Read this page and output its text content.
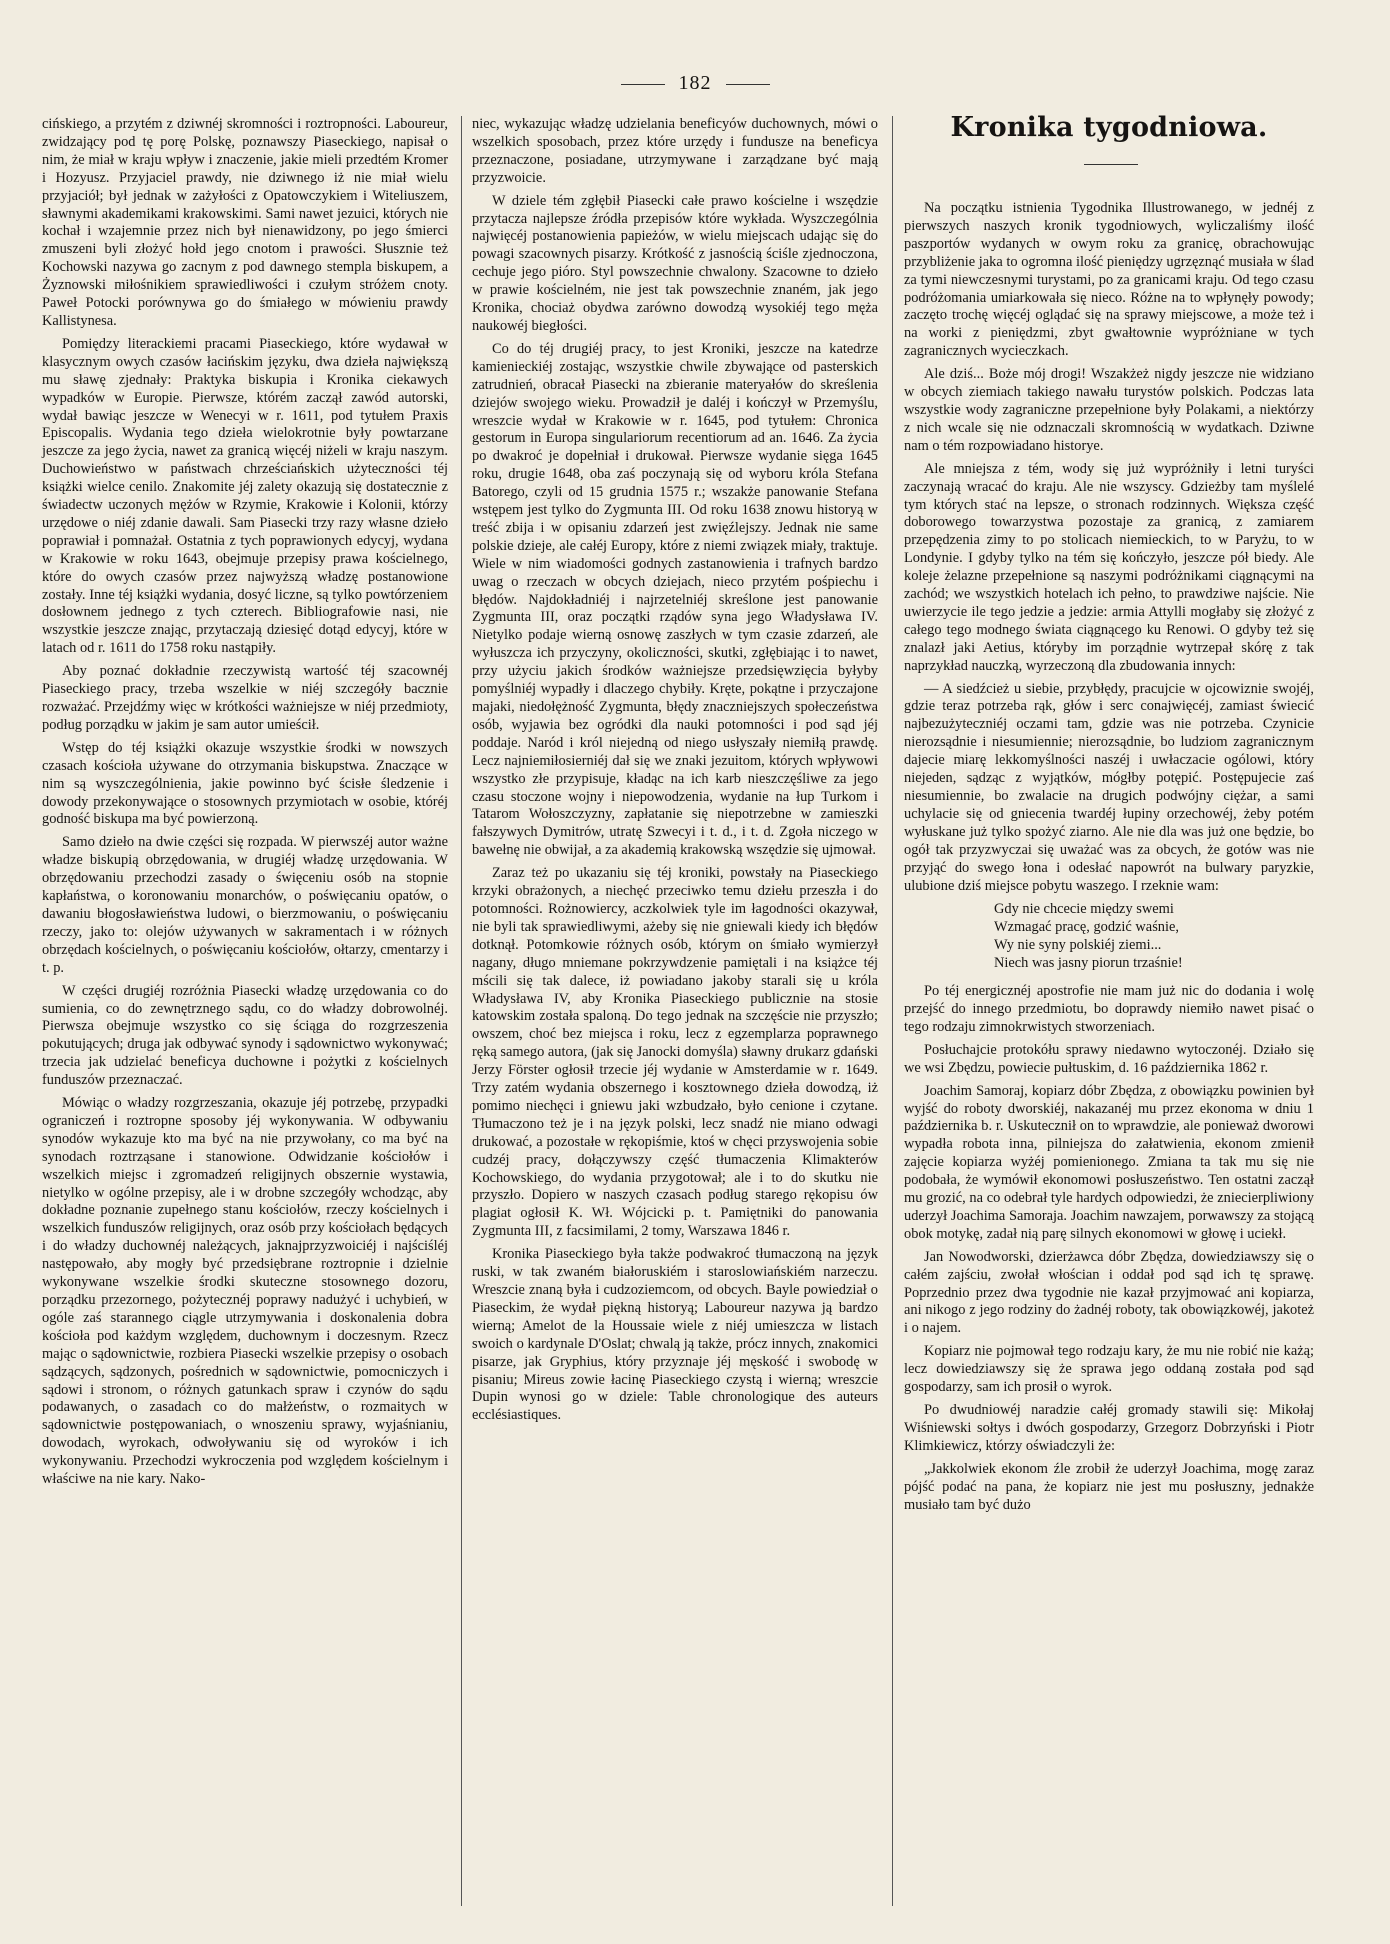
182

cińskiego, a przytém z dziwnéj skromności i roztropności. Laboureur, zwidzający pod tę porę Polskę, poznawszy Piaseckiego, napisał o nim, że miał w kraju wpływ i znaczenie, jakie mieli przedtém Kromer i Hozyusz. Przyjaciel prawdy, nie dziwnego iż nie miał wielu przyjaciół; był jednak w zażyłości z Opatowczykiem i Witeliuszem, sławnymi akademikami krakowskimi. Sami nawet jezuici, których nie kochał i wzajemnie przez nich był nienawidzony, po jego śmierci zmuszeni byli złożyć hołd jego cnotom i prawości. Słusznie też Kochowski nazywa go zacnym z pod dawnego stempla biskupem, a Żyznowski miłośnikiem sprawiedliwości i czułym stróżem cnoty. Paweł Potocki porównywa go do śmiałego w mówieniu prawdy Kallistynesa.

Pomiędzy literackiemi pracami Piaseckiego, które wydawał w klasycznym owych czasów łacińskim języku, dwa dzieła największą mu sławę zjednały: Praktyka biskupia i Kronika ciekawych wypadków w Europie. Pierwsze, którém zaczął zawód autorski, wydał bawiąc jeszcze w Wenecyi w r. 1611, pod tytułem Praxis Episcopalis. Wydania tego dzieła wielokrotnie były powtarzane jeszcze za jego życia, nawet za granicą więcéj niżeli w kraju naszym. Duchowieństwo w państwach chrześciańskich użyteczności téj książki wielce cenilo. Znakomite jéj zalety okazują się dostatecznie z świadectw uczonych mężów w Rzymie, Krakowie i Kolonii, którzy urzędowe o niéj zdanie dawali. Sam Piasecki trzy razy własne dzieło poprawiał i pomnażał. Ostatnia z tych poprawionych edycyj, wydana w Krakowie w roku 1643, obejmuje przepisy prawa kościelnego, które do owych czasów przez najwyższą władzę postanowione zostały. Inne téj książki wydania, dosyć liczne, są tylko powtórzeniem dosłownem jednego z tych czterech. Bibliografowie nasi, nie wszystkie jeszcze znając, przytaczają dziesięć dotąd edycyj, które w latach od r. 1611 do 1758 roku nastąpiły.

Aby poznać dokładnie rzeczywistą wartość téj szacownéj Piaseckiego pracy, trzeba wszelkie w niéj szczegóły bacznie rozważać. Przejdźmy więc w krótkości ważniejsze w niéj przedmioty, podług porządku w jakim je sam autor umieścił.

Wstęp do téj książki okazuje wszystkie środki w nowszych czasach kościoła używane do otrzymania biskupstwa. Znaczące w nim są wyszczególnienia, jakie powinno być ścisłe śledzenie i dowody przekonywające o stosownych przymiotach w osobie, któréj godność biskupa ma być powierzoną.

Samo dzieło na dwie części się rozpada. W pierwszéj autor ważne władze biskupią obrzędowania, w drugiéj władzę urzędowania. W obrzędowaniu przechodzi zasady o święceniu osób na stopnie kapłaństwa, o koronowaniu monarchów, o poświęcaniu opatów, o dawaniu błogosławieństwa ludowi, o bierzmowaniu, o poświęcaniu rzeczy, jako to: olejów używanych w sakramentach i w różnych obrzędach kościelnych, o poświęcaniu kościołów, ołtarzy, cmentarzy i t. p.

W części drugiéj rozróżnia Piasecki władzę urzędowania co do sumienia, co do zewnętrznego sądu, co do władzy dobrowolnéj. Pierwsza obejmuje wszystko co się ściąga do rozgrzeszenia pokutujących; druga jak odbywać synody i sądownictwo wykonywać; trzecia jak udzielać beneficya duchowne i pożytki z kościelnych funduszów przeznaczać.

Mówiąc o władzy rozgrzeszania, okazuje jéj potrzebę, przypadki ograniczeń i roztropne sposoby jéj wykonywania. W odbywaniu synodów wykazuje kto ma być na nie przywołany, co ma być na synodach roztrząsane i stanowione. Odwidzanie kościołów i wszelkich miejsc i zgromadzeń religijnych obszernie wystawia, nietylko w ogólne przepisy, ale i w drobne szczegóły wchodząc, aby dokładne poznanie zupełnego stanu kościołów, rzeczy kościelnych i wszelkich funduszów religijnych, oraz osób przy kościołach będących i do władzy duchownéj należących, jaknajprzyzwoiciéj i najściśléj następowało, aby mogły być przedsiębrane roztropnie i dzielnie wykonywane wszelkie środki skuteczne stosownego dozoru, porządku przezornego, pożytecznéj poprawy nadużyć i uchybień, w ogóle zaś starannego ciągle utrzymywania i doskonalenia dobra kościoła pod każdym względem, duchownym i doczesnym. Rzecz mając o sądownictwie, rozbiera Piasecki wszelkie przepisy o osobach sądzących, sądzonych, pośrednich w sądownictwie, pomocniczych i sądowi i stronom, o różnych gatunkach spraw i czynów do sądu podawanych, o zasadach co do małżeństw, o rozmaitych w sądownictwie postępowaniach, o wnoszeniu sprawy, wyjaśnianiu, dowodach, wyrokach, odwoływaniu się od wyroków i ich wykonywaniu. Przechodzi wykroczenia pod względem kościelnym i właściwe na nie kary. Nako-

niec, wykazując władzę udzielania beneficyów duchownych, mówi o wszelkich sposobach, przez które urzędy i fundusze na beneficya przeznaczone, posiadane, utrzymywane i zarządzane być mają przyzwoicie.

W dziele tém zgłębił Piasecki całe prawo kościelne i wszędzie przytacza najlepsze źródła przepisów które wykłada. Wyszczególnia najwięcéj postanowienia papieżów, w wielu miejscach udając się do powagi szacownych pisarzy. Krótkość z jasnością ściśle zjednoczona, cechuje jego pióro. Styl powszechnie chwalony. Szacowne to dzieło w prawie kościelném, nie jest tak powszechnie znaném, jak jego Kronika, chociaż obydwa zarówno dowodzą wysokiéj tego męża naukowéj biegłości.

Co do téj drugiéj pracy, to jest Kroniki, jeszcze na katedrze kamienieckiéj zostając, wszystkie chwile zbywające od pasterskich zatrudnień, obracał Piasecki na zbieranie materyałów do skreślenia dziejów swojego wieku. Prowadził je daléj i kończył w Przemyślu, wreszcie wydał w Krakowie w r. 1645, pod tytułem: Chronica gestorum in Europa singulariorum recentiorum ad an. 1646. Za życia po dwakroć je dopełniał i drukował. Pierwsze wydanie sięga 1645 roku, drugie 1648, oba zaś poczynają się od wyboru króla Stefana Batorego, czyli od 15 grudnia 1575 r.; wszakże panowanie Stefana wstępem jest tylko do Zygmunta III. Od roku 1638 znowu historyą w treść zbija i w opisaniu zdarzeń jest zwięźlejszy. Jednak nie same polskie dzieje, ale całéj Europy, które z niemi związek miały, traktuje. Wiele w nim wiadomości godnych zastanowienia i trafnych bardzo uwag o rzeczach w obcych dziejach, nieco przytém pośpiechu i błędów. Najdokładniéj i najrzetelniéj skreślone jest panowanie Zygmunta III, oraz początki rządów syna jego Władysława IV. Nietylko podaje wierną osnowę zaszłych w tym czasie zdarzeń, ale wyłuszcza ich przyczyny, okoliczności, skutki, zgłębiając i to nawet, przy użyciu jakich środków ważniejsze przedsięwzięcia byłyby pomyślniéj wypadły i dlaczego chybiły. Kręte, pokątne i przyczajone majaki, niedołężność Zygmunta, błędy znaczniejszych społeczeństwa osób, wyjawia bez ogródki dla nauki potomności i pod sąd jéj poddaje. Naród i król niejedną od niego usłyszały niemiłą prawdę. Lecz najniemiłosierniéj dał się we znaki jezuitom, których wpływowi wszystko złe przypisuje, kładąc na ich karb nieszczęśliwe za jego czasu stoczone wojny i niepowodzenia, wydanie na łup Turkom i Tatarom Wołoszczyzny, zapłatanie się niepotrzebne w zamieszki fałszywych Dymitrów, utratę Szwecyi i t. d., i t. d. Zgoła niczego w bawełnę nie obwijał, a za akademią krakowską wszędzie się ujmował.

Zaraz też po ukazaniu się téj kroniki, powstały na Piaseckiego krzyki obrażonych, a niechęć przeciwko temu dziełu przeszła i do potomności. Rożnowiercy, aczkolwiek tyle im łagodności okazywał, nie byli tak sprawiedliwymi, ażeby się nie gniewali kiedy ich błędów dotknął. Potomkowie różnych osób, którym on śmiało wymierzył nagany, długo mniemane pokrzywdzenie pamiętali i na książce téj mścili się tak dalece, iż powiadano jakoby starali się u króla Władysława IV, aby Kronika Piaseckiego publicznie na stosie katowskim została spaloną. Do tego jednak na szczęście nie przyszło; owszem, choć bez miejsca i roku, lecz z egzemplarza poprawnego ręką samego autora, (jak się Janocki domyśla) sławny drukarz gdański Jerzy Förster ogłosił trzecie jéj wydanie w Amsterdamie w r. 1649. Trzy zatém wydania obszernego i kosztownego dzieła dowodzą, iż pomimo niechęci i gniewu jaki wzbudzało, było cenione i czytane. Tłumaczono też je i na język polski, lecz snadź nie miano odwagi drukować, a pozostałe w rękopiśmie, ktoś w chęci przyswojenia sobie cudzéj pracy, dołączywszy część tłumaczenia Klimakterów Kochowskiego, do wydania przygotował; ale i to do skutku nie przyszło. Dopiero w naszych czasach podług starego rękopisu ów plagiat ogłosił K. Wł. Wójcicki p. t. Pamiętniki do panowania Zygmunta III, z facsimilami, 2 tomy, Warszawa 1846 r.

Kronika Piaseckiego była także podwakroć tłumaczoną na język ruski, w tak zwaném białoruskiém i staroslowiańskiém narzeczu. Wreszcie znaną była i cudzoziemcom, od obcych. Bayle powiedział o Piaseckim, że wydał piękną historyą; Laboureur nazywa ją bardzo wierną; Amelot de la Houssaie wiele z niéj umieszcza w listach swoich o kardynale D'Oslat; chwalą ją także, prócz innych, znakomici pisarze, jak Gryphius, który przyznaje jéj męskość i swobodę w pisaniu; Mireus zowie łacinę Piaseckiego czystą i wierną; wreszcie Dupin wynosi go w dziele: Table chronologique des auteurs ecclésiastiques.

Kronika tygodniowa.

Na początku istnienia Tygodnika Illustrowanego, w jednéj z pierwszych naszych kronik tygodniowych, wyliczaliśmy ilość paszportów wydanych w owym roku za granicę, obrachowując przybliżenie jaka to ogromna ilość pieniędzy ugrzęznąć musiała w ślad za tymi niewczesnymi turystami, po za granicami kraju. Od tego czasu podróżomania umiarkowała się nieco. Różne na to wpłynęły powody; zaczęto trochę więcéj oglądać się na sprawy miejscowe, a może też i na worki z pieniędzmi, zbyt gwałtownie wypróżniane w tych zagranicznych wycieczkach.

Ale dziś... Boże mój drogi! Wszakżeż nigdy jeszcze nie widziano w obcych ziemiach takiego nawału turystów polskich. Podczas lata wszystkie wody zagraniczne przepełnione były Polakami, a niektórzy z nich wcale się nie odznaczali skromnością w wydatkach. Dziwne nam o tém rozpowiadano historye.

Ale mniejsza z tém, wody się już wypróżniły i letni turyści zaczynają wracać do kraju. Ale nie wszyscy. Gdzieżby tam myślelé tym których stać na lepsze, o stronach rodzinnych. Większa część doborowego towarzystwa pozostaje za granicą, z zamiarem przepędzenia zimy to po stolicach niemieckich, to w Paryżu, to w Londynie. I gdyby tylko na tém się kończyło, jeszcze pół biedy. Ale koleje żelazne przepełnione są naszymi podróżnikami ciągnącymi na zachód; we wszystkich hotelach ich pełno, to prawdziwe najście. Nie uwierzycie ile tego jedzie a jedzie: armia Attylli mogłaby się złożyć z całego tego modnego świata ciągnącego ku Renowi. O gdyby też się znalazł jaki Aetius, któryby im porządnie wytrzepał skórę z tak naprzykład nauczką, wyrzeczoną dla zbudowania innych:

— A siedźcież u siebie, przybłędy, pracujcie w ojcowiznie swojéj, gdzie teraz potrzeba rąk, głów i serc conajwięcéj, zamiast świecić najbezużyteczniéj oczami tam, gdzie was nie potrzeba. Czynicie nierozsądnie i niesumiennie; nierozsądnie, bo ludziom zagranicznym dajecie miarę lekkomyślności naszéj i uwłaczacie ogólowi, który niejeden, sądząc z wyjątków, mógłby potępić. Postępujecie zaś niesumiennie, bo zwalacie na drugich podwójny ciężar, a sami uchylacie się od gniecenia twardéj łupiny orzechowéj, żeby potém wyłuskane już tylko spożyć ziarno. Ale nie dla was już one będzie, bo ogół tak przyzwyczai się uważać was za obcych, że gotów was nie przyjąć do swego łona i odesłać napowrót na bulwary paryzkie, ulubione dziś miejsce pobytu waszego. I rzeknie wam:

Gdy nie chcecie między swemi
Wzmagać pracę, godzić waśnie,
Wy nie syny polskiéj ziemi...
Niech was jasny piorun trzaśnie!

Po téj energicznéj apostrofie nie mam już nic do dodania i wolę przejść do innego przedmiotu, bo doprawdy niemiło nawet pisać o tego rodzaju zimnokrwistych stworzeniach.

Posłuchajcie protokółu sprawy niedawno wytoczonéj. Działo się we wsi Zbędzu, powiecie pułtuskim, d. 16 października 1862 r.

Joachim Samoraj, kopiarz dóbr Zbędza, z obowiązku powinien był wyjść do roboty dworskiéj, nakazanéj mu przez ekonoma w dniu 1 października b. r. Uskutecznił on to wprawdzie, ale ponieważ dworowi wypadła robota inna, pilniejsza do załatwienia, ekonom zmienił zajęcie kopiarza wyżéj pomienionego. Zmiana ta tak mu się nie podobała, że wymówił ekonomowi posłuszeństwo. Ten ostatni zaczął mu grozić, na co odebrał tyle hardych odpowiedzi, że zniecierpliwiony uderzył Joachima Samoraja. Joachim nawzajem, porwawszy za stojącą obok motykę, zadał nią parę silnych ekonomowi w głowę i uciekł.

Jan Nowodworski, dzierżawca dóbr Zbędza, dowiedziawszy się o całém zajściu, zwołał włościan i oddał pod sąd ich tę sprawę. Poprzednio przez dwa tygodnie nie kazał przyjmować ani kopiarza, ani nikogo z jego rodziny do żadnéj roboty, tak obowiązkowéj, jakoteż i o najem.

Kopiarz nie pojmował tego rodzaju kary, że mu nie robić nie każą; lecz dowiedziawszy się że sprawa jego oddaną została pod sąd gospodarzy, sam ich prosił o wyrok.

Po dwudniowéj naradzie całéj gromady stawili się: Mikołaj Wiśniewski sołtys i dwóch gospodarzy, Grzegorz Dobrzyński i Piotr Klimkiewicz, którzy oświadczyli że:

„Jakkolwiek ekonom źle zrobił że uderzył Joachima, mogę zaraz pójść podać na pana, że kopiarz nie jest mu posłuszny, jednakże musiało tam być dużo
